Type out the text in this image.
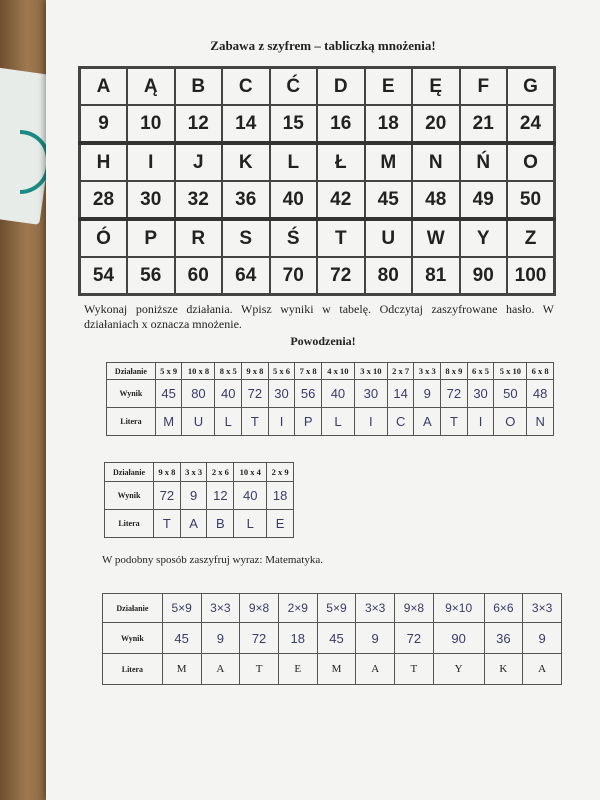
Zabawa z szyfrem – tabliczką mnożenia!
A	Ą	B	C	Ć	D	E	Ę	F	G
9	10	12	14	15	16	18	20	21	24
H	I	J	K	L	Ł	M	N	Ń	O
28	30	32	36	40	42	45	48	49	50
Ó	P	R	S	Ś	T	U	W	Y	Z
54	56	60	64	70	72	80	81	90	100
Wykonaj poniższe działania. Wpisz wyniki w tabelę. Odczytaj zaszyfrowane hasło. W działaniach x oznacza mnożenie.
Powodzenia!
Działanie	5 x 9	10 x 8	8 x 5	9 x 8	5 x 6	7 x 8	4 x 10	3 x 10	2 x 7	3 x 3	8 x 9	6 x 5	5 x 10	6 x 8
Wynik	45	80	40	72	30	56	40	30	14	9	72	30	50	48
Litera	M	U	L	T	I	P	L	I	C	A	T	I	O	N
Działanie	9 x 8	3 x 3	2 x 6	10 x 4	2 x 9
Wynik	72	9	12	40	18
Litera	T	A	B	L	E
W podobny sposób zaszyfruj wyraz: Matematyka.
Działanie	5×9	3×3	9×8	2×9	5×9	3×3	9×8	9×10	6×6	3×3
Wynik	45	9	72	18	45	9	72	90	36	9
Litera	M	A	T	E	M	A	T	Y	K	A
